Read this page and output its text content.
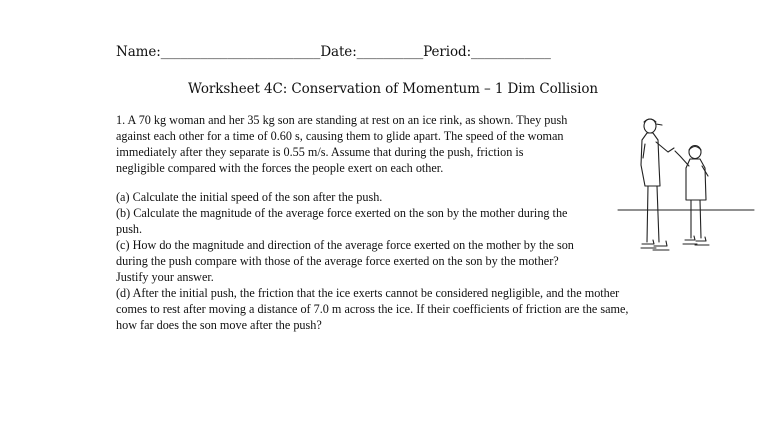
Name:________________________Date:__________Period:____________
Worksheet 4C: Conservation of Momentum – 1 Dim Collision
1. A 70 kg woman and her 35 kg son are standing at rest on an ice rink, as shown. They push
against each other for a time of 0.60 s, causing them to glide apart. The speed of the woman
immediately after they separate is 0.55 m/s. Assume that during the push, friction is
negligible compared with the forces the people exert on each other.
(a) Calculate the initial speed of the son after the push.
(b) Calculate the magnitude of the average force exerted on the son by the mother during the
push.
(c) How do the magnitude and direction of the average force exerted on the mother by the son
during the push compare with those of the average force exerted on the son by the mother?
Justify your answer.
(d) After the initial push, the friction that the ice exerts cannot be considered negligible, and the mother
comes to rest after moving a distance of 7.0 m across the ice. If their coefficients of friction are the same,
how far does the son move after the push?
